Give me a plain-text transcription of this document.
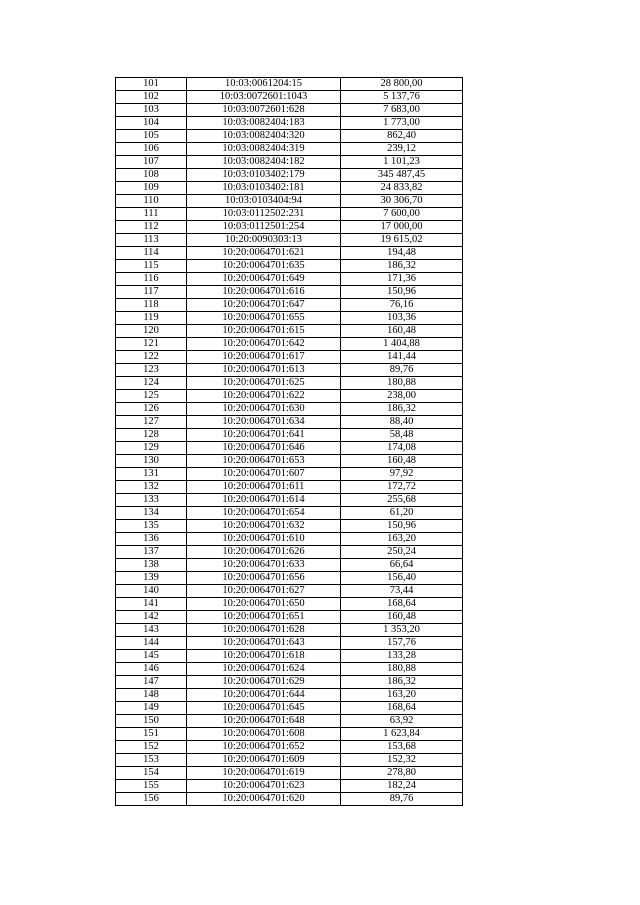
101	10:03:0061204:15	28 800,00
102	10:03:0072601:1043	5 137,76
103	10:03:0072601:628	7 683,00
104	10:03:0082404:183	1 773,00
105	10:03:0082404:320	862,40
106	10:03:0082404:319	239,12
107	10:03:0082404:182	1 101,23
108	10:03:0103402:179	345 487,45
109	10:03:0103402:181	24 833,82
110	10:03:0103404:94	30 306,70
111	10:03:0112502:231	7 600,00
112	10:03:0112501:254	17 000,00
113	10:20:0090303:13	19 615,02
114	10:20:0064701:621	194,48
115	10:20:0064701:635	186,32
116	10:20:0064701:649	171,36
117	10:20:0064701:616	150,96
118	10:20:0064701:647	76,16
119	10:20:0064701:655	103,36
120	10:20:0064701:615	160,48
121	10:20:0064701:642	1 404,88
122	10:20:0064701:617	141,44
123	10:20:0064701:613	89,76
124	10:20:0064701:625	180,88
125	10:20:0064701:622	238,00
126	10:20:0064701:630	186,32
127	10:20:0064701:634	88,40
128	10:20:0064701:641	58,48
129	10:20:0064701:646	174,08
130	10:20:0064701:653	160,48
131	10:20:0064701:607	97,92
132	10:20:0064701:611	172,72
133	10:20:0064701:614	255,68
134	10:20:0064701:654	61,20
135	10:20:0064701:632	150,96
136	10:20:0064701:610	163,20
137	10:20:0064701:626	250,24
138	10:20:0064701:633	66,64
139	10:20:0064701:656	156,40
140	10:20:0064701:627	73,44
141	10:20:0064701:650	168,64
142	10:20:0064701:651	160,48
143	10:20:0064701:628	1 353,20
144	10:20:0064701:643	157,76
145	10:20:0064701:618	133,28
146	10:20:0064701:624	180,88
147	10:20:0064701:629	186,32
148	10:20:0064701:644	163,20
149	10:20:0064701:645	168,64
150	10:20:0064701:648	63,92
151	10:20:0064701:608	1 623,84
152	10:20:0064701:652	153,68
153	10:20:0064701:609	152,32
154	10:20:0064701:619	278,80
155	10:20:0064701:623	182,24
156	10:20:0064701:620	89,76
